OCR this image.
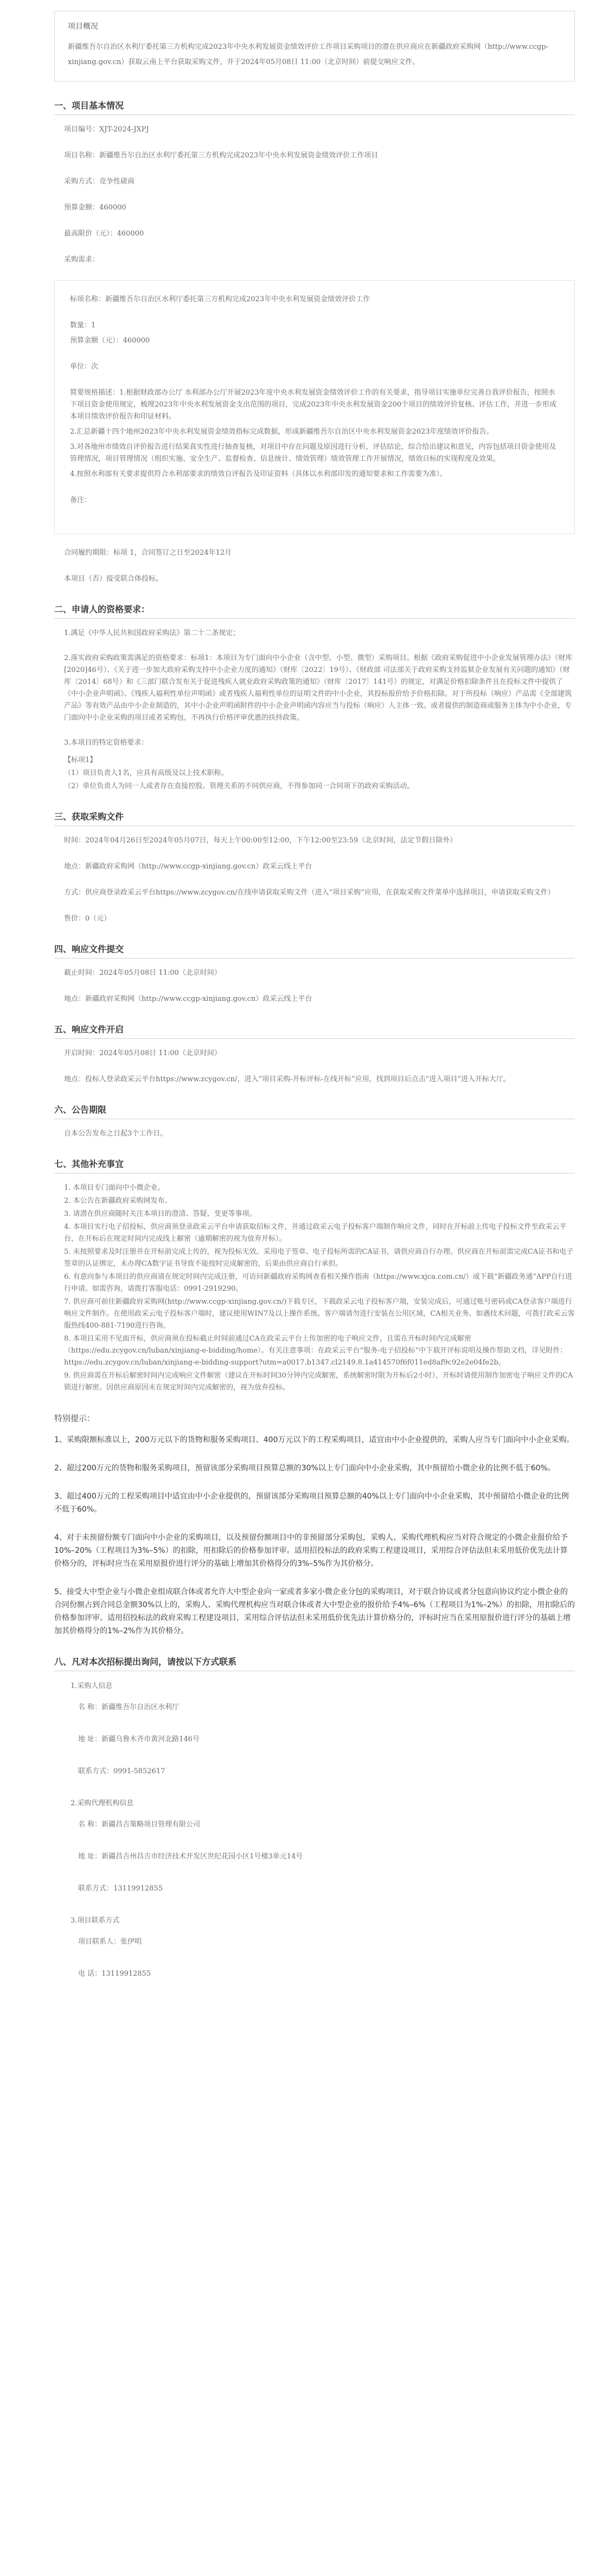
项目概况

新疆维吾尔自治区水利厅委托第三方机构完成2023年中央水利发展资金绩效评价工作项目采购项目的潜在供应商应在新疆政府采购网（http://www.ccgp-xinjiang.gov.cn）获取云南上平台获取采购文件，并于2024年05月08日 11:00（北京时间）前提交响应文件。

一、项目基本情况
项目编号：XJT-2024-JXPJ
项目名称：新疆维吾尔自治区水利厅委托第三方机构完成2023年中央水利发展资金绩效评价工作项目
采购方式：竞争性磋商
预算金额：460000
最高限价（元）：460000
采购需求：
标项名称：新疆维吾尔自治区水利厅委托第三方机构完成2023年中央水利发展资金绩效评价工作
数量：1
预算金额（元）：460000
单位：次
简要规格描述：1.根据财政部办公厅 水利部办公厅开展2023年度中央水利发展资金绩效评价工作的有关要求，指导项目实施单位完善自我评价报告，按照水下项目资金使用规定，梳理2023年中央水利发展资金支出范围的项目，完成2023年中央水利发展资金200个项目的绩效评价复核、评估工作，并进一步形成本项目绩效评价报告和印证材料。
2.汇总新疆十四个地州2023年中央水利发展资金绩效指标完成数据，形成新疆维吾尔自治区中央水利发展资金2023年度绩效评价报告。
3.对各地州市绩效自评价报告进行结果真实性进行抽查复核，对项目中存在问题及原因进行分析，评估结论，综合给出建议和意见，内容包括项目资金使用及管理情况，项目管理情况（组织实施、安全生产、监督检查、信息统计、绩效管理）绩效管理工作开展情况，绩效目标的实现程度及效果。
4.按照水利部有关要求提供符合水利部要求的绩效自评报告及印证资料（具体以水利部印发的通知要求和工作需要为准）。
备注：
合同履约期限：标项 1，合同签订之日至2024年12月
本项目（否）接受联合体投标。
二、申请人的资格要求：
1.满足《中华人民共和国政府采购法》第二十二条规定；
2.落实政府采购政策需满足的资格要求：标项1：本项目为专门面向中小企业（含中型、小型、微型）采购项目。根据《政府采购促进中小企业发展管理办法》（财库[2020]46号）、《关于进一步加大政府采购支持中小企业力度的通知》（财库〔2022〕19号）、《财政部 司法部关于政府采购支持监狱企业发展有关问题的通知》（财库〔2014〕68号）和《三部门联合发布关于促进残疾人就业政府采购政策的通知》（财库〔2017〕141号）的规定，对满足价格扣除条件且在投标文件中提供了《中小企业声明函》、《残疾人福利性单位声明函》或者残疾人福利性单位的证明文件的中小企业，其投标报价给予价格扣除。对于所投标（响应）产品需《全部建筑产品》等有效产品由中小企业制造的，其中小企业声明函附件的中小企业声明函内容应当与投标（响应）人主体一致。或者提供的制造商或服务主体为中小企业，专门面向中小企业采购的项目或者采购包，不再执行价格评审优惠的扶持政策。
3.本项目的特定资格要求：
【标项1】
（1）项目负责人1名，应具有高级及以上技术职称。
（2）单位负责人为同一人或者存在直接控股、管理关系的不同供应商，不得参加同一合同项下的政府采购活动。
三、获取采购文件
时间：2024年04月26日至2024年05月07日，每天上午00:00至12:00，下午12:00至23:59（北京时间，法定节假日除外）
地点：新疆政府采购网（http://www.ccgp-xinjiang.gov.cn）政采云线上平台
方式：供应商登录政采云平台https://www.zcygov.cn/在线申请获取采购文件（进入“项目采购”应用，在获取采购文件菜单中选择项目，申请获取采购文件）
售价：0（元）
四、响应文件提交
截止时间：2024年05月08日 11:00（北京时间）
地点：新疆政府采购网（http://www.ccgp-xinjiang.gov.cn）政采云线上平台
五、响应文件开启
开启时间：2024年05月08日 11:00（北京时间）
地点：投标人登录政采云平台https://www.zcygov.cn/，进入“项目采购-开标评标-在线开标”应用，找到项目后点击“进入项目”进入开标大厅。
六、公告期限
自本公告发布之日起3个工作日。
七、其他补充事宜
1. 本项目专门面向中小微企业。
2. 本公告在新疆政府采购网发布。
3. 请潜在供应商随时关注本项目的澄清、答疑、变更等事项。
4. 本项目实行电子招投标，供应商须登录政采云平台申请获取招标文件，并通过政采云电子投标客户端制作响应文件，同时在开标前上传电子投标文件至政采云平台，在开标后在规定时间内完成线上解密（逾期解密的视为放弃开标）。
5. 未按照要求及时注册并在开标前完成上传的，视为投标无效。采用电子签章、电子投标所需的CA证书，请供应商自行办理。供应商在开标前需完成CA证书和电子签章的认证绑定，未办理CA数字证书导致不能按时完成解密的，后果由供应商自行承担。
6. 有意向参与本项目的供应商请在规定时间内完成注册，可访问新疆政府采购网查看相关操作指南（https://www.xjca.com.cn/）或下载“新疆政务通”APP自行进行申请。如需咨询，请拨打客服电话：0991-2919290。
7. 供应商可前往新疆政府采购网(http://www.ccgp-xinjiang.gov.cn/)下载专区，下载政采云电子投标客户端，安装完成后，可通过账号密码或CA登录客户端进行响应文件制作。在使用政采云电子投标客户端时，建议使用WIN7及以上操作系统。客户端请勿进行安装在公用区域，CA相关业务、如遇技术问题，可拨打政采云客服热线400-881-7190进行咨询。
8. 本项目采用不见面开标，供应商须在投标截止时间前通过CA在政采云平台上传加密的电子响应文件，且需在开标时间内完成解密（https://edu.zcygov.cn/luban/xinjiang-e-bidding/home）。有关注意事项：在政采云平台“服务-电子招投标”中下载开评标说明及操作帮助文档，详见附件：https://edu.zcygov.cn/luban/xinjiang-e-bidding-support?utm=a0017.b1347.cl2149.8.1a414570f6f011ed8af9c92e2e04fe2b。
9. 供应商需在开标后解密时间内完成响应文件解密（建议在开标时间30分钟内完成解密，系统解密时限为开标后2小时），开标时请使用制作加密电子响应文件的CA锁进行解密。因供应商原因未在规定时间内完成解密的，视为放弃投标。
特别提示：
1、采购限额标准以上，200万元以下的货物和服务采购项目、400万元以下的工程采购项目，适宜由中小企业提供的，采购人应当专门面向中小企业采购。
2、超过200万元的货物和服务采购项目，预留该部分采购项目预算总额的30%以上专门面向中小企业采购，其中预留给小微企业的比例不低于60%。
3、超过400万元的工程采购项目中适宜由中小企业提供的，预留该部分采购项目预算总额的40%以上专门面向中小企业采购，其中预留给小微企业的比例不低于60%。
4、对于未预留份额专门面向中小企业的采购项目，以及预留份额项目中的非预留部分采购包，采购人、采购代理机构应当对符合规定的小微企业报价给予10%–20%（工程项目为3%–5%）的扣除，用扣除后的价格参加评审。适用招投标法的政府采购工程建设项目，采用综合评估法但未采用低价优先法计算价格分的，评标时应当在采用原报价进行评分的基础上增加其价格得分的3%–5%作为其价格分。
5、接受大中型企业与小微企业组成联合体或者允许大中型企业向一家或者多家小微企业分包的采购项目，对于联合协议或者分包意向协议约定小微企业的合同份额占到合同总金额30%以上的，采购人、采购代理机构应当对联合体或者大中型企业的报价给予4%–6%（工程项目为1%–2%）的扣除，用扣除后的价格参加评审。适用招投标法的政府采购工程建设项目，采用综合评估法但未采用低价优先法计算价格分的，评标时应当在采用原报价进行评分的基础上增加其价格得分的1%–2%作为其价格分。
八、凡对本次招标提出询问，请按以下方式联系
1.采购人信息
名 称：新疆维吾尔自治区水利厅
地 址：新疆乌鲁木齐市黄河北路146号
联系方式：0991-5852617
2.采购代理机构信息
名 称：新疆昌吉策略项目管理有限公司
地 址：新疆昌吉州昌吉市经济技术开发区世纪花园小区1号楼3单元14号
联系方式：13119912855
3.项目联系方式
项目联系人：张伊明
电 话：13119912855
